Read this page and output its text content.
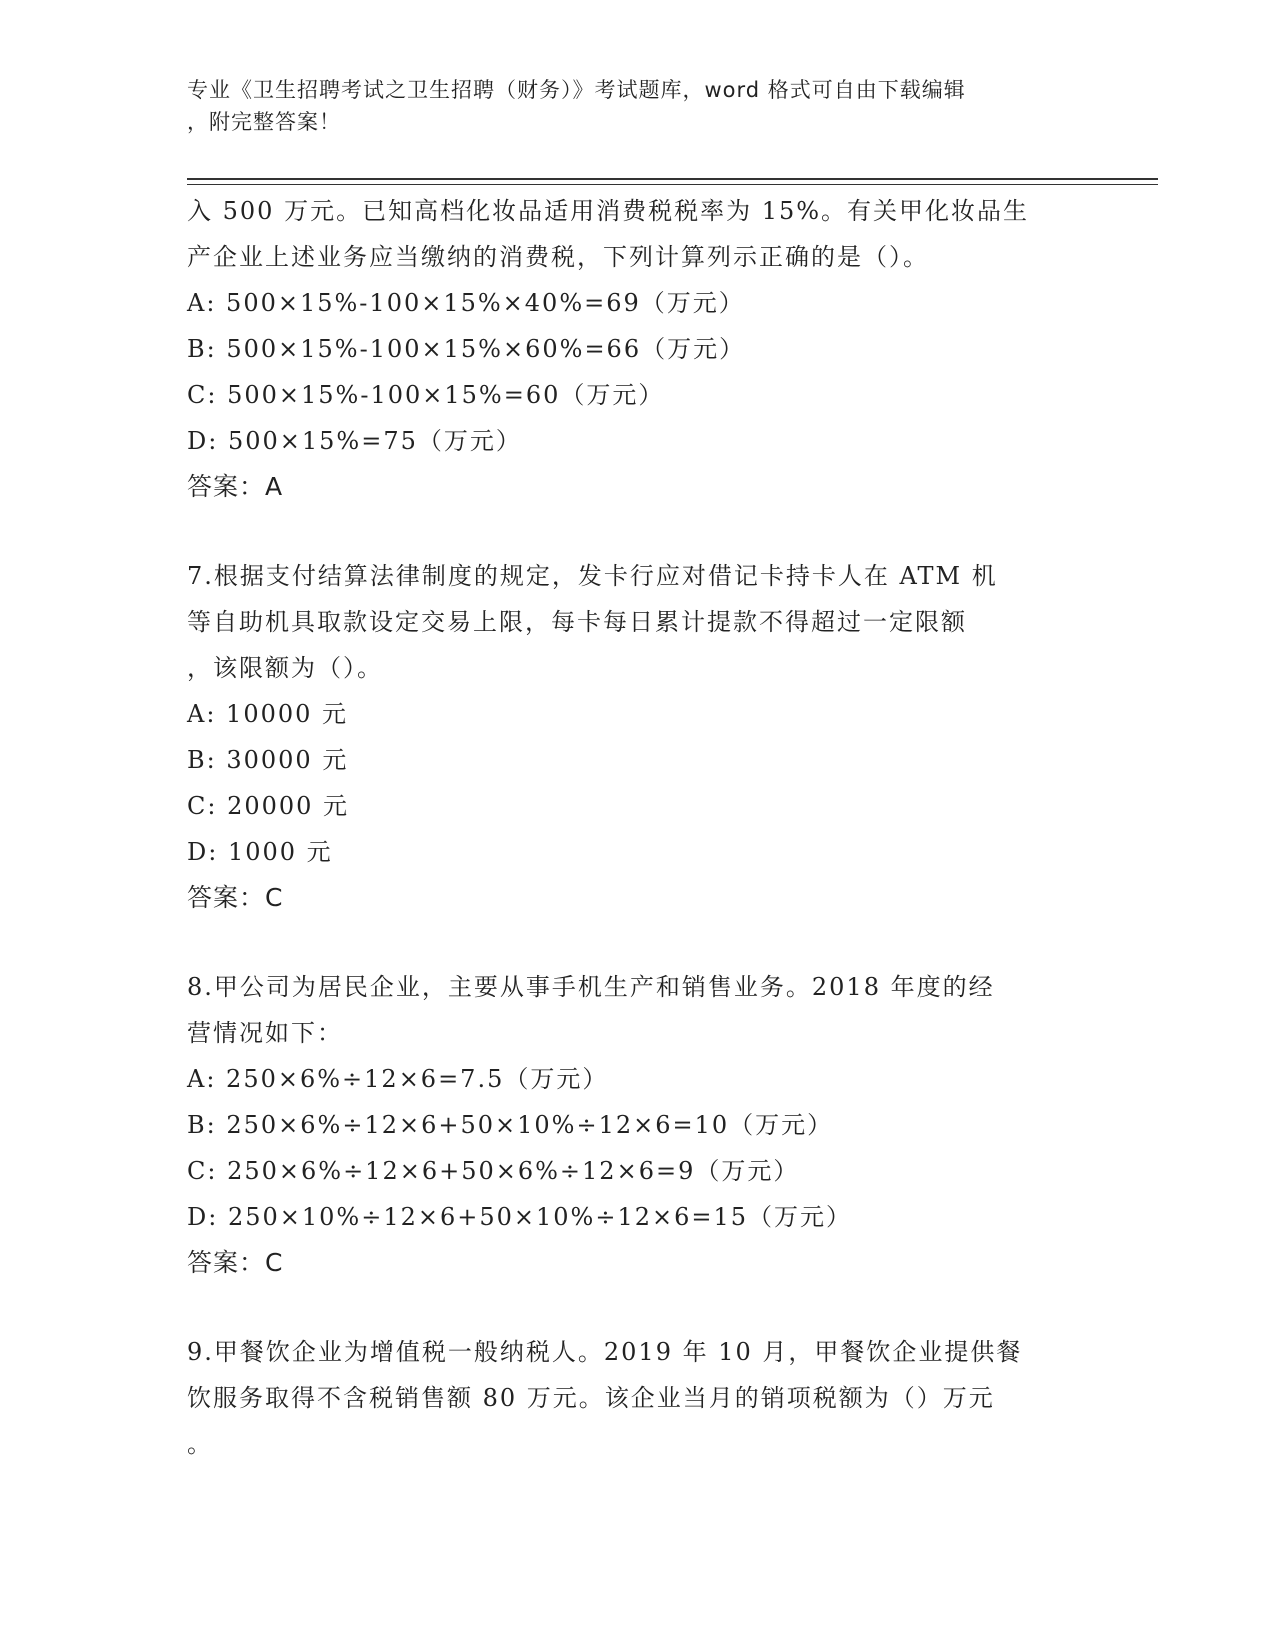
专业《卫生招聘考试之卫生招聘（财务）》考试题库，word 格式可自由下载编辑
，附完整答案！
入 500 万元。已知高档化妆品适用消费税税率为 15%。有关甲化妆品生
产企业上述业务应当缴纳的消费税，下列计算列示正确的是（）。
A: 500×15%-100×15%×40%=69（万元）
B: 500×15%-100×15%×60%=66（万元）
C: 500×15%-100×15%=60（万元）
D: 500×15%=75（万元）
答案：A
7.根据支付结算法律制度的规定，发卡行应对借记卡持卡人在 ATM 机
等自助机具取款设定交易上限，每卡每日累计提款不得超过一定限额
，该限额为（）。
A: 10000 元
B: 30000 元
C: 20000 元
D: 1000 元
答案：C
8.甲公司为居民企业，主要从事手机生产和销售业务。2018 年度的经
营情况如下：
A: 250×6%÷12×6=7.5（万元）
B: 250×6%÷12×6+50×10%÷12×6=10（万元）
C: 250×6%÷12×6+50×6%÷12×6=9（万元）
D: 250×10%÷12×6+50×10%÷12×6=15（万元）
答案：C
9.甲餐饮企业为增值税一般纳税人。2019 年 10 月，甲餐饮企业提供餐
饮服务取得不含税销售额 80 万元。该企业当月的销项税额为（）万元
。
